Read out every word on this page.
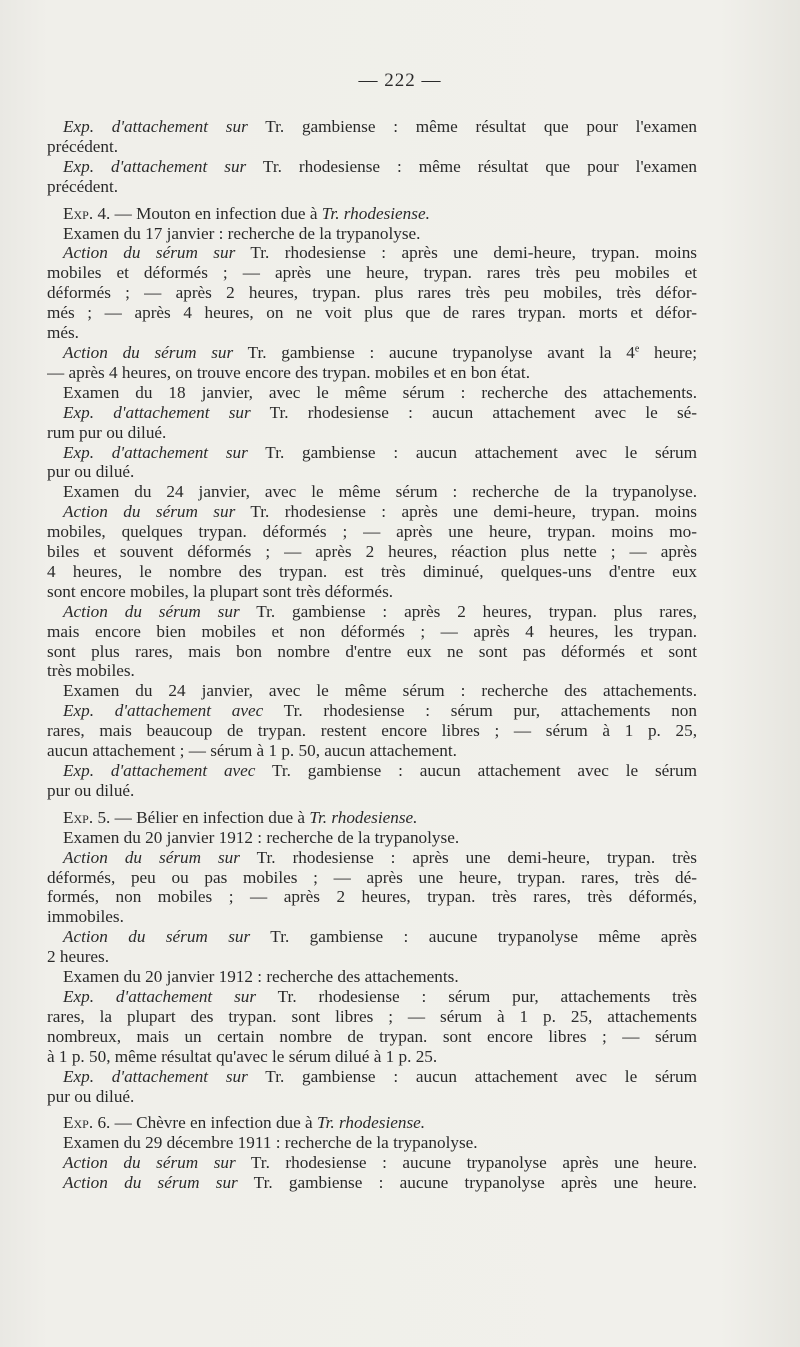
— 222 —
Exp. d'attachement sur Tr. gambiense : même résultat que pour l'examen
précédent.
Exp. d'attachement sur Tr. rhodesiense : même résultat que pour l'examen
précédent.
Exp. 4. — Mouton en infection due à Tr. rhodesiense.
Examen du 17 janvier : recherche de la trypanolyse.
Action du sérum sur Tr. rhodesiense : après une demi-heure, trypan. moins
mobiles et déformés ; — après une heure, trypan. rares très peu mobiles et
déformés ; — après 2 heures, trypan. plus rares très peu mobiles, très défor-
més ; — après 4 heures, on ne voit plus que de rares trypan. morts et défor-
més.
Action du sérum sur Tr. gambiense : aucune trypanolyse avant la 4e heure;
— après 4 heures, on trouve encore des trypan. mobiles et en bon état.
Examen du 18 janvier, avec le même sérum : recherche des attachements.
Exp. d'attachement sur Tr. rhodesiense : aucun attachement avec le sé-
rum pur ou dilué.
Exp. d'attachement sur Tr. gambiense : aucun attachement avec le sérum
pur ou dilué.
Examen du 24 janvier, avec le même sérum : recherche de la trypanolyse.
Action du sérum sur Tr. rhodesiense : après une demi-heure, trypan. moins
mobiles, quelques trypan. déformés ; — après une heure, trypan. moins mo-
biles et souvent déformés ; — après 2 heures, réaction plus nette ; — après
4 heures, le nombre des trypan. est très diminué, quelques-uns d'entre eux
sont encore mobiles, la plupart sont très déformés.
Action du sérum sur Tr. gambiense : après 2 heures, trypan. plus rares,
mais encore bien mobiles et non déformés ; — après 4 heures, les trypan.
sont plus rares, mais bon nombre d'entre eux ne sont pas déformés et sont
très mobiles.
Examen du 24 janvier, avec le même sérum : recherche des attachements.
Exp. d'attachement avec Tr. rhodesiense : sérum pur, attachements non
rares, mais beaucoup de trypan. restent encore libres ; — sérum à 1 p. 25,
aucun attachement ; — sérum à 1 p. 50, aucun attachement.
Exp. d'attachement avec Tr. gambiense : aucun attachement avec le sérum
pur ou dilué.
Exp. 5. — Bélier en infection due à Tr. rhodesiense.
Examen du 20 janvier 1912 : recherche de la trypanolyse.
Action du sérum sur Tr. rhodesiense : après une demi-heure, trypan. très
déformés, peu ou pas mobiles ; — après une heure, trypan. rares, très dé-
formés, non mobiles ; — après 2 heures, trypan. très rares, très déformés,
immobiles.
Action du sérum sur Tr. gambiense : aucune trypanolyse même après
2 heures.
Examen du 20 janvier 1912 : recherche des attachements.
Exp. d'attachement sur Tr. rhodesiense : sérum pur, attachements très
rares, la plupart des trypan. sont libres ; — sérum à 1 p. 25, attachements
nombreux, mais un certain nombre de trypan. sont encore libres ; — sérum
à 1 p. 50, même résultat qu'avec le sérum dilué à 1 p. 25.
Exp. d'attachement sur Tr. gambiense : aucun attachement avec le sérum
pur ou dilué.
Exp. 6. — Chèvre en infection due à Tr. rhodesiense.
Examen du 29 décembre 1911 : recherche de la trypanolyse.
Action du sérum sur Tr. rhodesiense : aucune trypanolyse après une heure.
Action du sérum sur Tr. gambiense : aucune trypanolyse après une heure.
